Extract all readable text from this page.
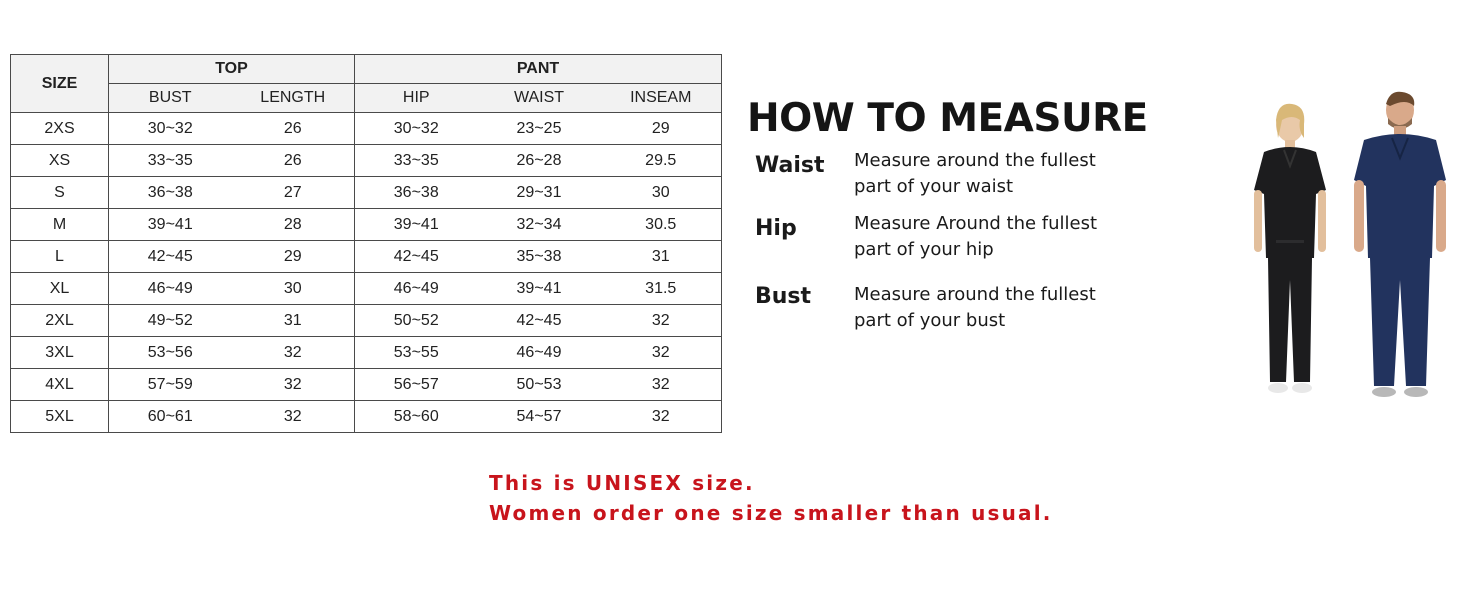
SIZE	TOP		PANT		
	BUST	LENGTH	HIP	WAIST	INSEAM
2XS	30~32	26	30~32	23~25	29
XS	33~35	26	33~35	26~28	29.5
S	36~38	27	36~38	29~31	30
M	39~41	28	39~41	32~34	30.5
L	42~45	29	42~45	35~38	31
XL	46~49	30	46~49	39~41	31.5
2XL	49~52	31	50~52	42~45	32
3XL	53~56	32	53~55	46~49	32
4XL	57~59	32	56~57	50~53	32
5XL	60~61	32	58~60	54~57	32
HOW TO MEASURE
Waist Measure around the fullest
part of your waist
Hip	Measure Around the fullest
part of your hip
Bust Measure around the fullest
part of your bust
This is UNISEX size.
Women order one size smaller than usual.
